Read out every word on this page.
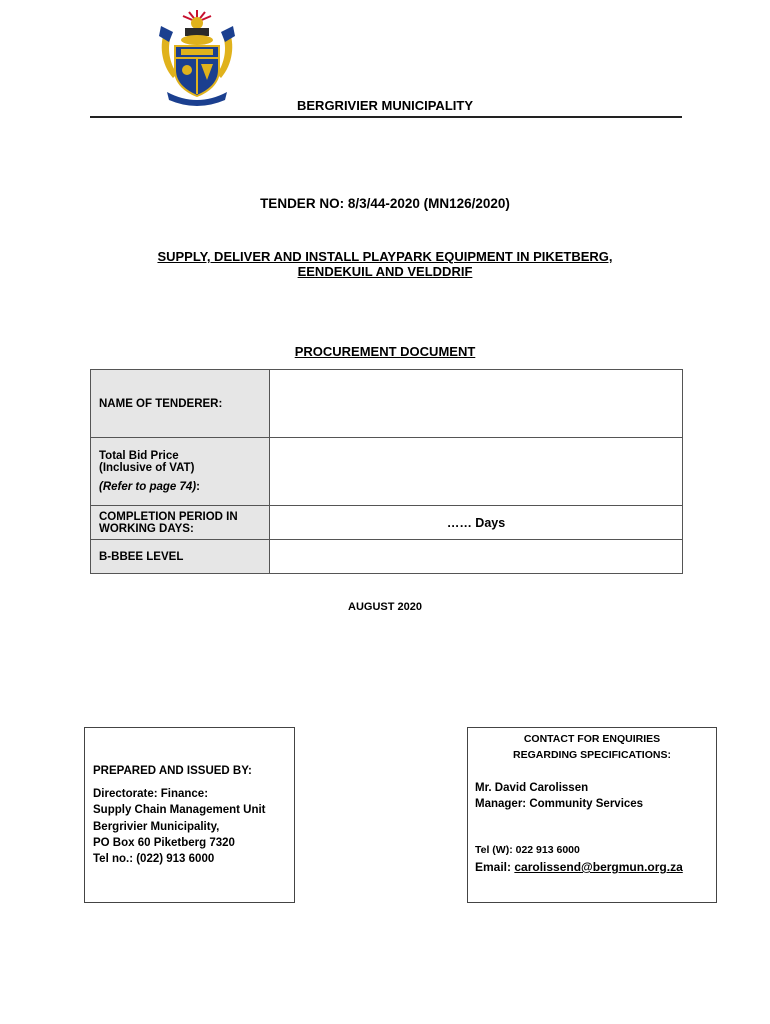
BERGRIVIER MUNICIPALITY
TENDER NO: 8/3/44-2020 (MN126/2020)
SUPPLY, DELIVER AND INSTALL PLAYPARK EQUIPMENT IN PIKETBERG,
EENDEKUIL AND VELDDRIF
PROCUREMENT DOCUMENT
NAME OF TENDERER:	

Total Bid Price
(Inclusive of VAT)
(Refer to page 74):	

COMPLETION PERIOD IN
WORKING DAYS:	…… Days
B-BBEE LEVEL	
AUGUST 2020
PREPARED AND ISSUED BY:
Directorate: Finance:
Supply Chain Management Unit
Bergrivier Municipality,
PO Box 60 Piketberg 7320
Tel no.: (022) 913 6000
CONTACT FOR ENQUIRIES
REGARDING SPECIFICATIONS:
Mr. David Carolissen
Manager: Community Services
Tel (W): 022 913 6000
Email: carolissend@bergmun.org.za
